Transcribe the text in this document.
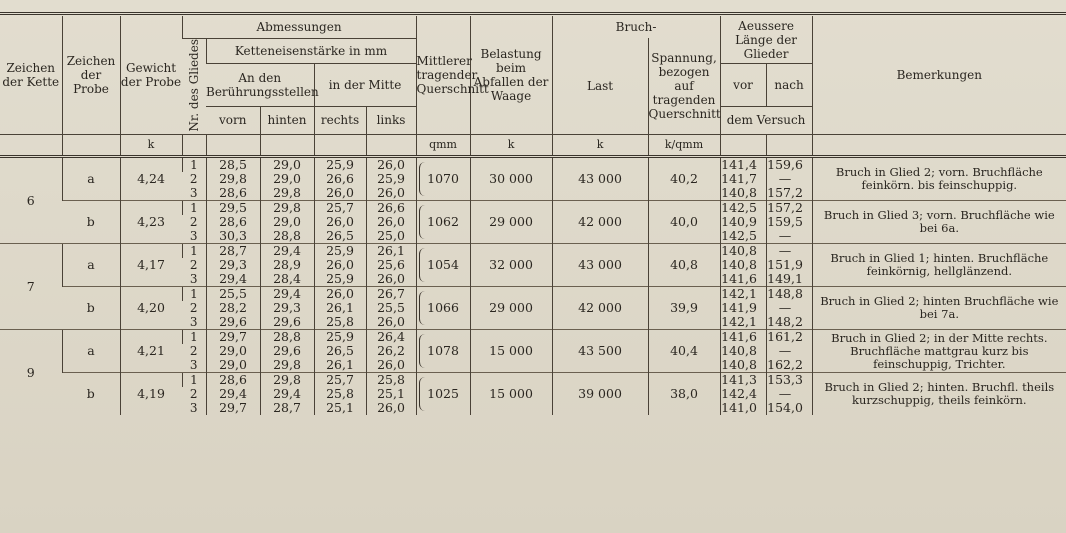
Zeichen der Kette	Zeichen der Probe	Gewicht der Probe	Abmessungen					Mittlerer tragender Querschnitt	Belastung beim Abfallen der Waage	Bruch-		Aeussere Länge der Glieder		Bemerkungen
			Nr. des Gliedes	Ketteneisenstärke in mm						Last	Spannung, bezogen auf tragenden Querschnitt			
				An den Berührungsstellen		in der Mitte						vor	nach	
				vorn	hinten	rechts	links					dem Versuch		
		k						qmm	k	k	k/qmm			
6	a	4,24	1	28,5	29,0	25,9	26,0	1070	30 000	43 000	40,2	141,4	159,6	Bruch in Glied 2; vorn. Bruchfläche feinkörn. bis feinschuppig.
			2	29,8	29,0	26,6	25,9					141,7	—	
			3	28,6	29,8	26,0	26,0					140,8	157,2	
	b	4,23	1	29,5	29,8	25,7	26,6	1062	29 000	42 000	40,0	142,5	157,2	Bruch in Glied 3; vorn. Bruchfläche wie bei 6a.
			2	28,6	29,0	26,0	26,0					140,9	159,5	
			3	30,3	28,8	26,5	25,0					142,5	—	
7	a	4,17	1	28,7	29,4	25,9	26,1	1054	32 000	43 000	40,8	140,8	—	Bruch in Glied 1; hinten. Bruchfläche feinkörnig, hellglänzend.
			2	29,3	28,9	26,0	25,6					140,8	151,9	
			3	29,4	28,4	25,9	26,0					141,6	149,1	
	b	4,20	1	25,5	29,4	26,0	26,7	1066	29 000	42 000	39,9	142,1	148,8	Bruch in Glied 2; hinten Bruchfläche wie bei 7a.
			2	28,2	29,3	26,1	25,5					141,9	—	
			3	29,6	29,6	25,8	26,0					142,1	148,2	
9	a	4,21	1	29,7	28,8	25,9	26,4	1078	15 000	43 500	40,4	141,6	161,2	Bruch in Glied 2; in der Mitte rechts. Bruchfläche mattgrau kurz bis feinschuppig, Trichter.
			2	29,0	29,6	26,5	26,2					140,8	—	
			3	29,0	29,8	26,1	26,0					140,8	162,2	
	b	4,19	1	28,6	29,8	25,7	25,8	1025	15 000	39 000	38,0	141,3	153,3	Bruch in Glied 2; hinten. Bruchfl. theils kurzschuppig, theils feinkörn.
			2	29,4	29,4	25,8	25,1					142,4	—	
			3	29,7	28,7	25,1	26,0					141,0	154,0	
